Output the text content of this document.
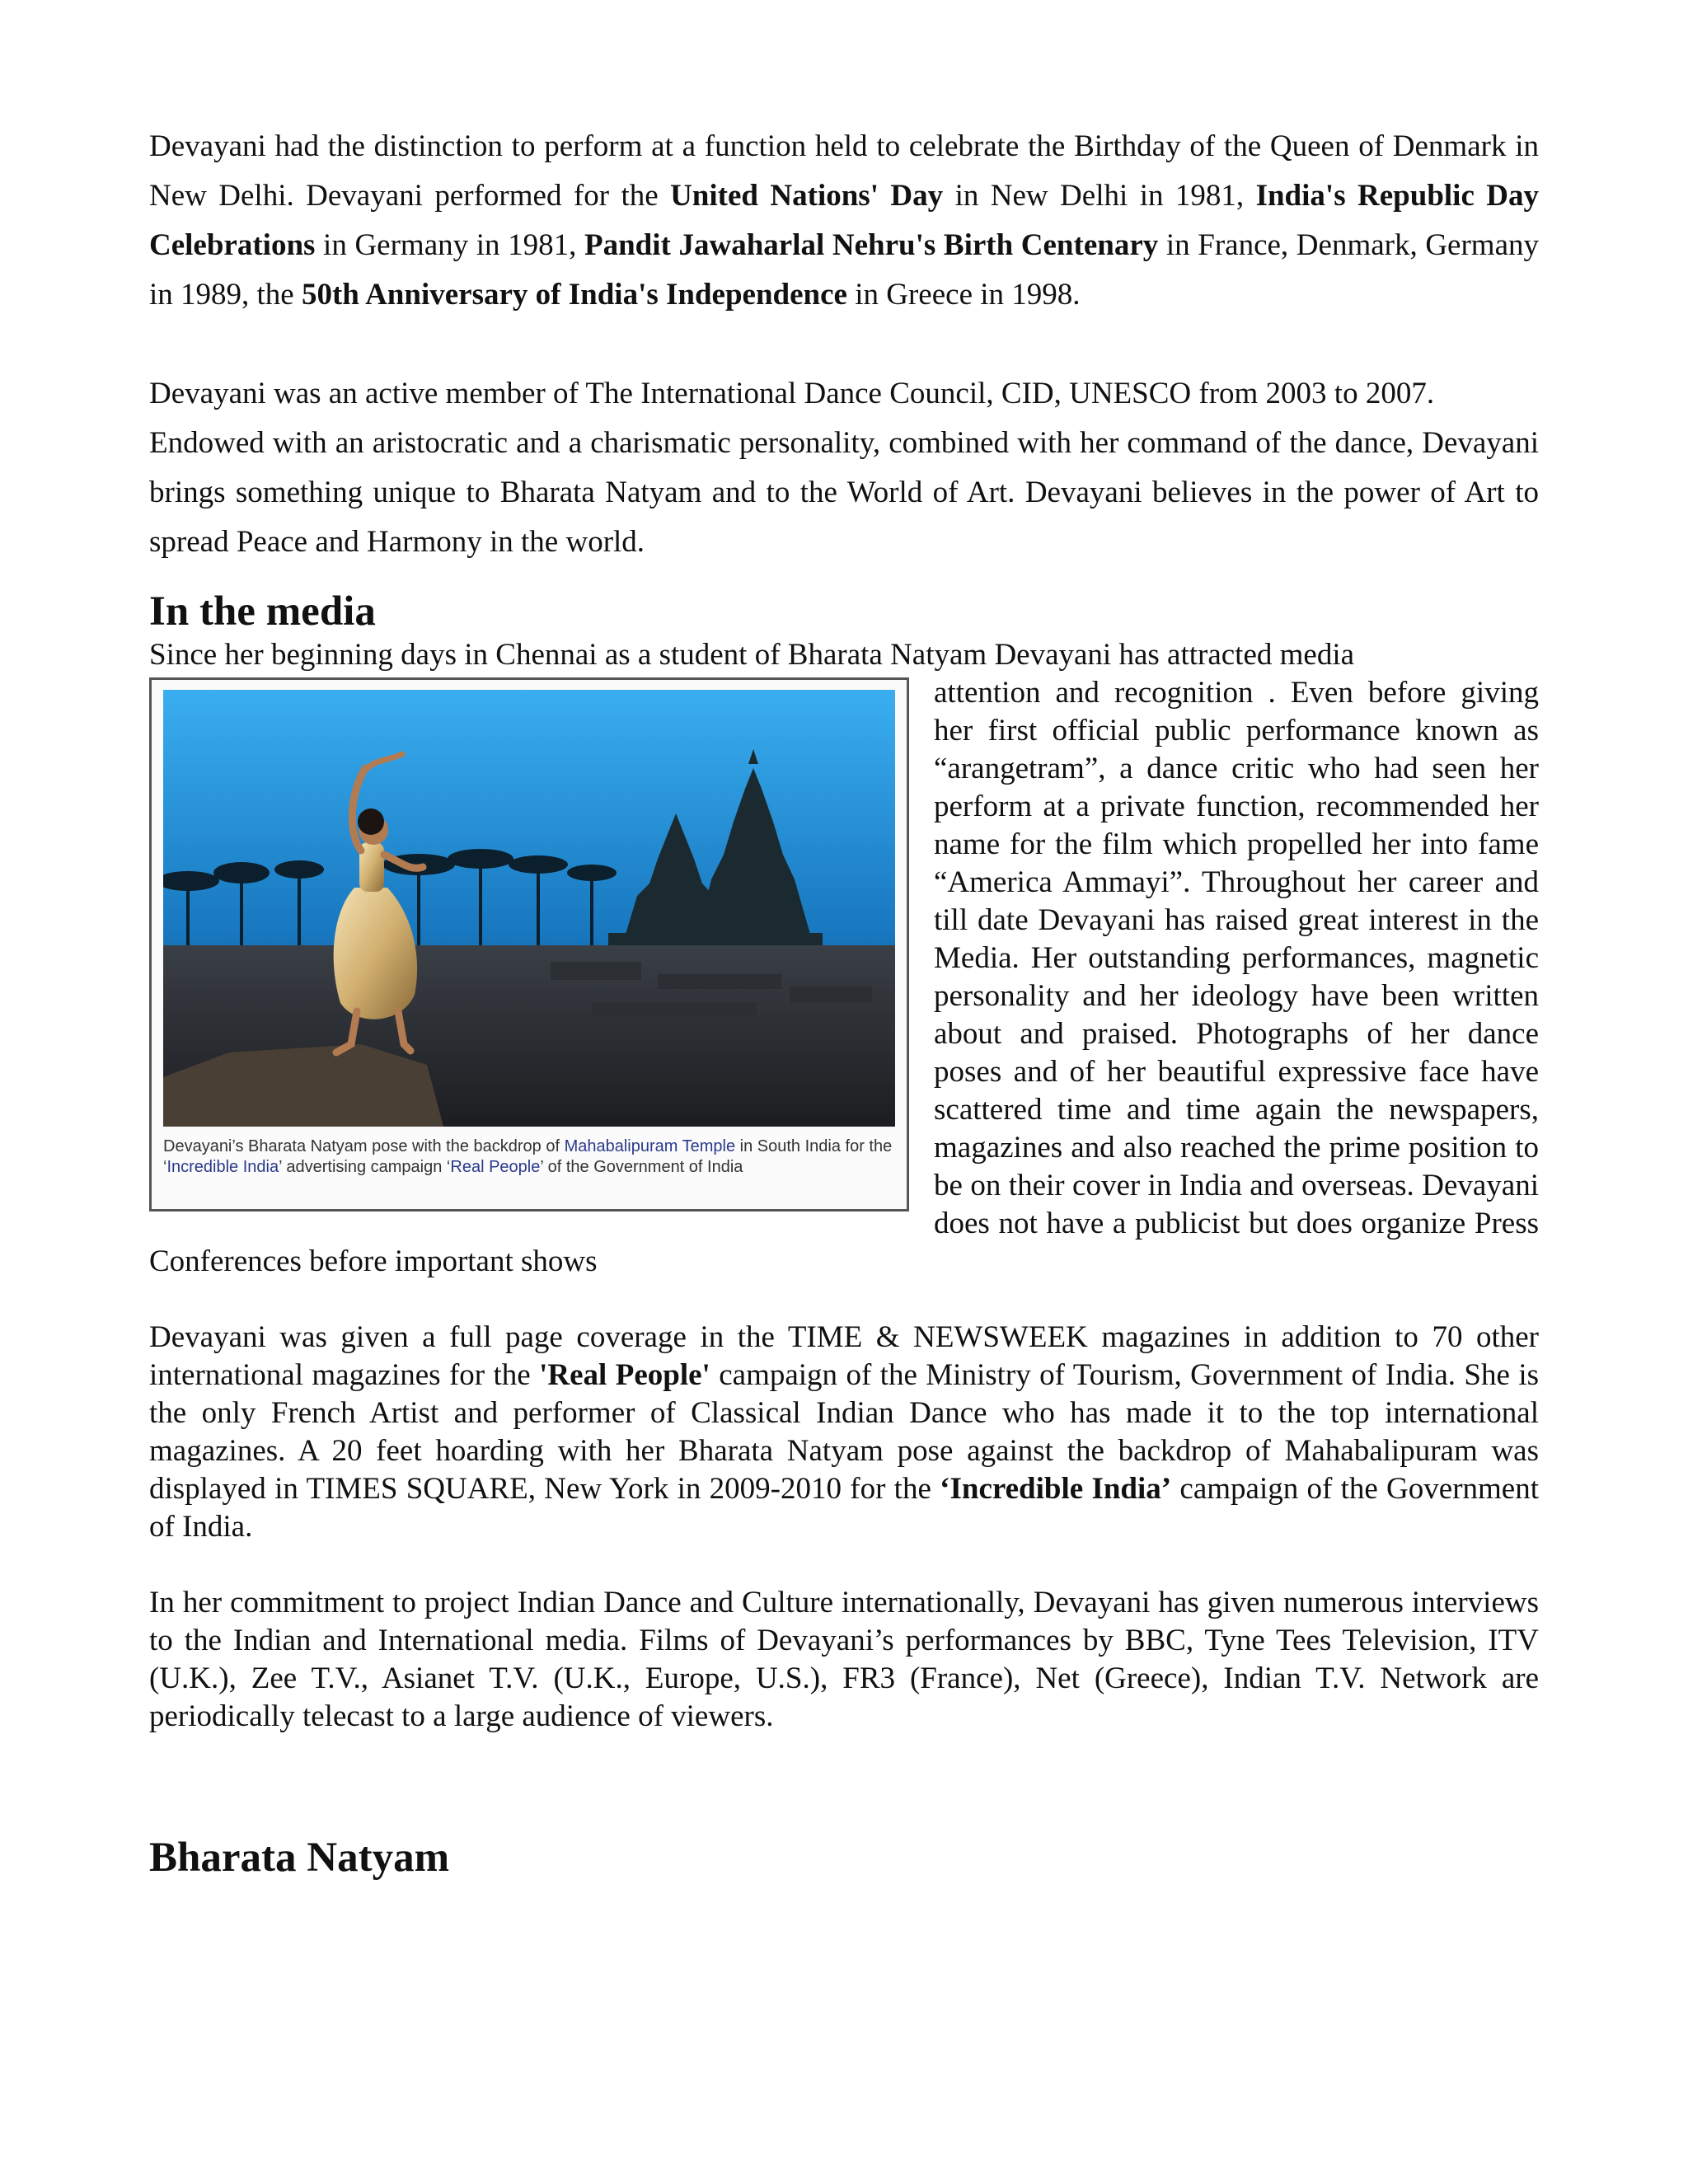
Devayani had the distinction to perform at a function held to celebrate the Birthday of the Queen of Denmark in New Delhi. Devayani performed for the United Nations' Day in New Delhi in 1981, India's Republic Day Celebrations in Germany in 1981, Pandit Jawaharlal Nehru's Birth Centenary in France, Denmark, Germany in 1989, the 50th Anniversary of India's Independence in Greece in 1998.

Devayani was an active member of The International Dance Council, CID, UNESCO from 2003 to 2007.

Endowed with an aristocratic and a charismatic personality, combined with her command of the dance, Devayani brings something unique to Bharata Natyam and to the World of Art. Devayani believes in the power of Art to spread Peace and Harmony in the world.

In the media

Since her beginning days in Chennai as a student of Bharata Natyam Devayani has attracted media

Devayani’s Bharata Natyam pose with the backdrop of Mahabalipuram Temple in South India for the ‘Incredible India’ advertising campaign ‘Real People’ of the Government of India

attention and recognition . Even before giving her first official public performance known as “arangetram”, a dance critic who had seen her perform at a private function, recommended her name for the film which propelled her into fame “America Ammayi”. Throughout her career and till date Devayani has raised great interest in the Media. Her outstanding performances, magnetic personality and her ideology have been written about and praised. Photographs of her dance poses and of her beautiful expressive face have scattered time and time again the newspapers, magazines and also reached the prime position to be on their cover in India and overseas. Devayani does not have a publicist but does organize Press Conferences before important shows

Devayani was given a full page coverage in the TIME & NEWSWEEK magazines in addition to 70 other international magazines for the 'Real People' campaign of the Ministry of Tourism, Government of India. She is the only French Artist and performer of Classical Indian Dance who has made it to the top international magazines. A 20 feet hoarding with her Bharata Natyam pose against the backdrop of Mahabalipuram was displayed in TIMES SQUARE, New York in 2009-2010 for the ‘Incredible India’ campaign of the Government of India.

In her commitment to project Indian Dance and Culture internationally, Devayani has given numerous interviews to the Indian and International media. Films of Devayani’s performances by BBC, Tyne Tees Television, ITV (U.K.), Zee T.V., Asianet T.V. (U.K., Europe, U.S.), FR3 (France), Net (Greece), Indian T.V. Network are periodically telecast to a large audience of viewers.

Bharata Natyam
